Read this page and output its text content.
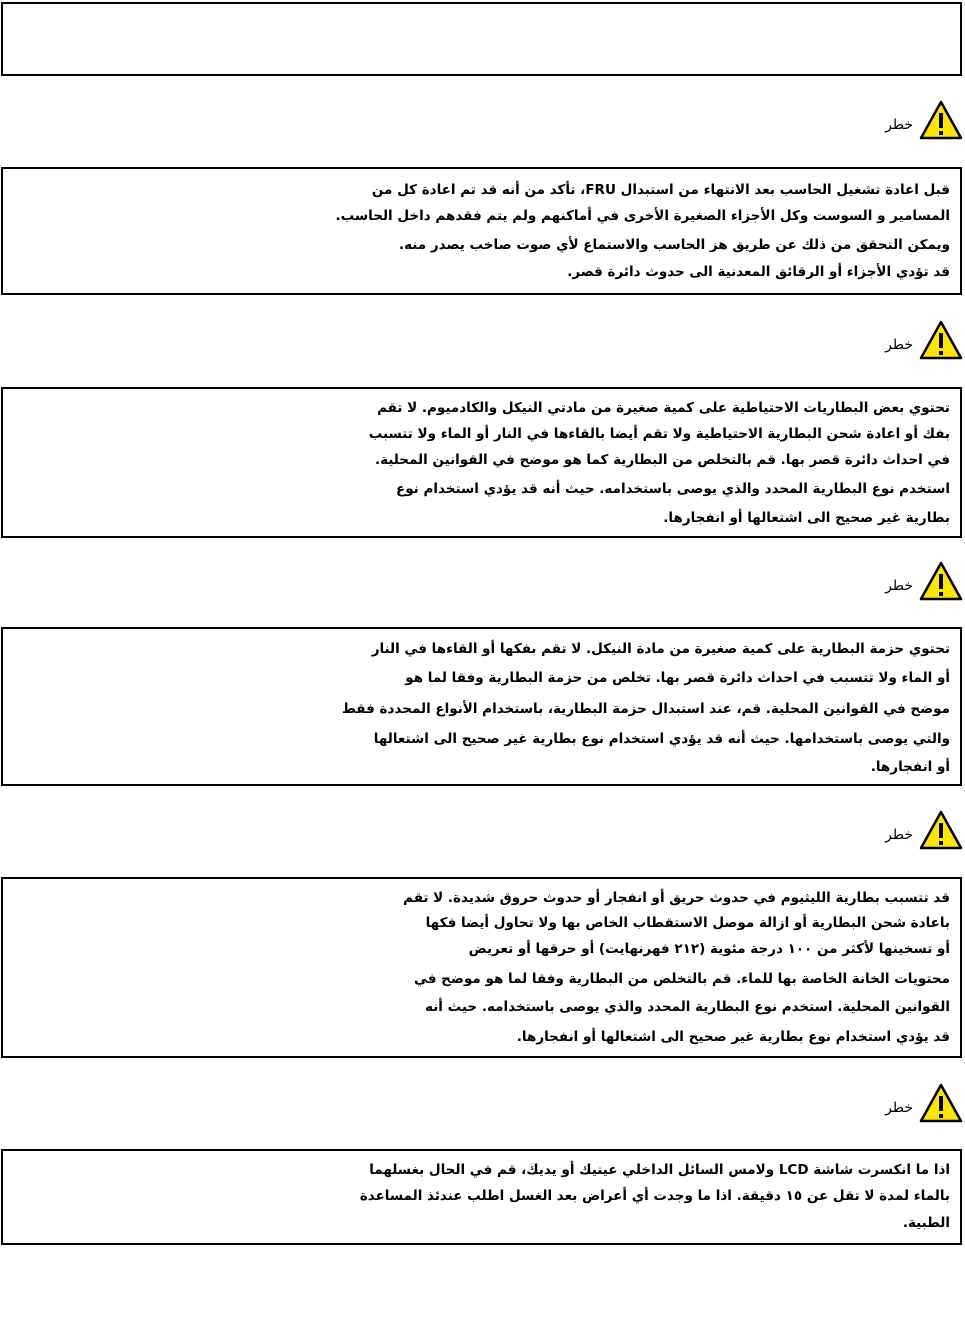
خطر
قبل اعادة تشغيل الحاسب بعد الانتهاء من استبدال FRU، تأكد من أنه قد تم اعادة كل من
المسامير و السوست وكل الأجزاء الصغيرة الأخرى في أماكنهم ولم يتم فقدهم داخل الحاسب.
ويمكن التحقق من ذلك عن طريق هز الحاسب والاستماع لأي صوت صاخب يصدر منه.
قد تؤدي الأجزاء أو الرقائق المعدنية الى حدوث دائرة قصر.
خطر
تحتوي بعض البطاريات الاحتياطية على كمية صغيرة من مادتي النيكل والكادميوم. لا تقم
بفك أو اعادة شحن البطارية الاحتياطية ولا تقم أيضا بالقاءها في النار أو الماء ولا تتسبب
في احداث دائرة قصر بها. قم بالتخلص من البطارية كما هو موضح في القوانين المحلية.
استخدم نوع البطارية المحدد والذي يوصى باستخدامه. حيث أنه قد يؤدي استخدام نوع
بطارية غير صحيح الى اشتعالها أو انفجارها.
خطر
تحتوي حزمة البطارية على كمية صغيرة من مادة النيكل. لا تقم بفكها أو القاءها في النار
أو الماء ولا تتسبب في احداث دائرة قصر بها. تخلص من حزمة البطارية وفقا لما هو
موضح في القوانين المحلية. قم، عند استبدال حزمة البطارية، باستخدام الأنواع المحددة فقط
والتي يوصى باستخدامها. حيث أنه قد يؤدي استخدام نوع بطارية غير صحيح الى اشتعالها
أو انفجارها.
خطر
قد تتسبب بطارية الليثيوم في حدوث حريق أو انفجار أو حدوث حروق شديدة. لا تقم
باعادة شحن البطارية أو ازالة موصل الاستقطاب الخاص بها ولا تحاول أيضا فكها
أو تسخينها لأكثر من ١٠٠ درجة مئوية (٢١٢ فهرنهايت) أو حرقها أو تعريض
محتويات الخانة الخاصة بها للماء. قم بالتخلص من البطارية وفقا لما هو موضح في
القوانين المحلية. استخدم نوع البطارية المحدد والذي يوصى باستخدامه. حيث أنه
قد يؤدي استخدام نوع بطارية غير صحيح الى اشتعالها أو انفجارها.
خطر
اذا ما انكسرت شاشة LCD ولامس السائل الداخلي عينيك أو يديك، قم في الحال بغسلهما
بالماء لمدة لا تقل عن ١٥ دقيقة. اذا ما وجدت أي أعراض بعد الغسل اطلب عندئذ المساعدة
الطبية.
